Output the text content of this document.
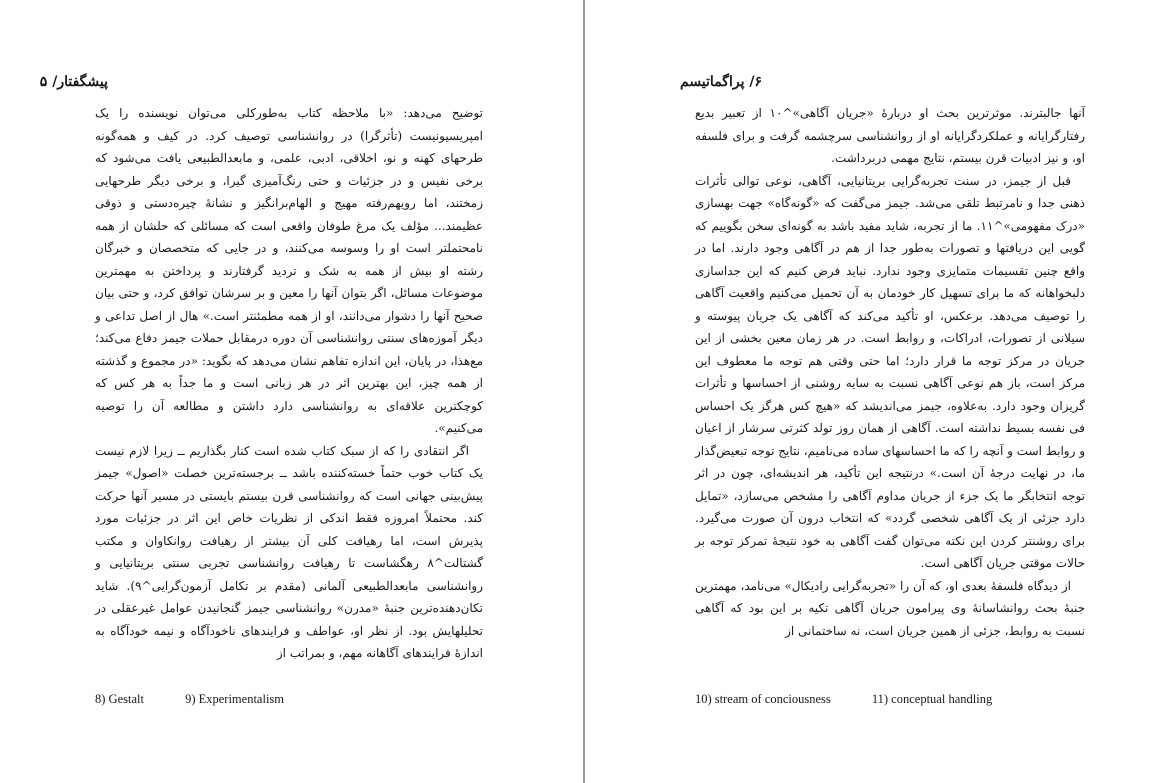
پیشگفتار/ ۵

توضیح می‌دهد: «با ملاحظه کتاب به‌طورکلی می‌توان نویسنده را یک امپریسیونیست (تأثرگرا) در روانشناسی توصیف کرد. در کیف و همه‌گونه طرحهای کهنه و نو، اخلاقی، ادبی، علمی، و مابعدالطبیعی یافت می‌شود که برخی نفیس و در جزئیات و حتی رنگ‌آمیزی گیرا، و برخی دیگر طرحهایی زمختند، اما رویهم‌رفته مهیج و الهام‌برانگیز و نشانهٔ چیره‌دستی و ذوقی عظیمند... مؤلف یک مرغ طوفان واقعی است که مسائلی که حلشان از همه نامحتملتر است او را وسوسه می‌کنند، و در جایی که متخصصان و خبرگان رشته او بیش از همه به شک و تردید گرفتارند و پرداختن به مهمترین موضوعات مسائل، اگر بتوان آنها را معین و بر سرشان توافق کرد، و حتی بیان صحیح آنها را دشوار می‌دانند، او از همه مطمئنتر است.» هال از اصل تداعی و دیگر آموزه‌های سنتی روانشناسی آن دوره درمقابل حملات جیمز دفاع می‌کند؛ مع‌هذا، در پایان، این اندازه تفاهم نشان می‌دهد که بگوید: «در مجموع و گذشته از همه چیز، این بهترین اثر در هر زبانی است و ما جداً به هر کس که کوچکترین علاقه‌ای به روانشناسی دارد داشتن و مطالعه آن را توصیه می‌کنیم».

اگر انتقادی را که از سبک کتاب شده است کنار بگذاریم ــ زیرا لازم نیست یک کتاب خوب حتماً خسته‌کننده باشد ــ برجسته‌ترین خصلت «اصول» جیمز پیش‌بینی جهانی است که روانشناسی قرن بیستم بایستی در مسیر آنها حرکت کند. محتملاً امروزه فقط اندکی از نظریات خاص این اثر در جزئیات مورد پذیرش است، اما رهیافت کلی آن بیشتر از رهیافت روانکاوان و مکتب گشتالت^۸ رهگشاست تا رهیافت روانشناسی تجربی سنتی بریتانیایی و روانشناسی مابعدالطبیعی آلمانی (مقدم بر تکامل آزمون‌گرایی^۹). شاید تکان‌دهنده‌ترین جنبهٔ «مدرن» روانشناسی جیمز گنجانیدن عوامل غیرعقلی در تحلیلهایش بود. از نظر او، عواطف و فرایندهای ناخودآگاه و نیمه خودآگاه به اندازهٔ فرایندهای آگاهانه مهم، و بمراتب از

8) Gestalt	9) Experimentalism
۶/ پراگماتیسم

آنها جالبترند. موثرترین بحث او دربارهٔ «جریان آگاهی»^۱۰ از تعبیر بدیع رفتارگرایانه و عملکردگرایانه او از روانشناسی سرچشمه گرفت و برای فلسفه او، و نیز ادبیات قرن بیستم، نتایج مهمی دربرداشت.

قبل از جیمز، در سنت تجربه‌گرایی بریتانیایی، آگاهی، نوعی توالی تأثرات ذهنی جدا و نامرتبط تلقی می‌شد. جیمز می‌گفت که «گونه‌گاه» جهت بهسازی «درک مفهومی»^۱۱. ما از تجربه، شاید مفید باشد به گونه‌ای سخن بگوییم که گویی این دریافتها و تصورات به‌طور جدا از هم در آگاهی وجود دارند. اما در واقع چنین تقسیمات متمایزی وجود ندارد. نباید فرض کنیم که این جداسازی دلبخواهانه که ما برای تسهیل کار خودمان به آن تحمیل می‌کنیم واقعیت آگاهی را توصیف می‌دهد. برعکس، او تأکید می‌کند که آگاهی یک جریان پیوسته و سیلانی از تصورات، ادراکات، و روابط است. در هر زمان معین بخشی از این جریان در مرکز توجه ما قرار دارد؛ اما حتی وقتی هم توجه ما معطوف این مرکز است، باز هم نوعی آگاهی نسبت به سایه روشنی از احساسها و تأثرات گریزان وجود دارد. به‌علاوه، جیمز می‌اندیشد که «هیچ کس هرگز یک احساس فی نفسه بسیط نداشته است. آگاهی از همان روز تولد کثرتی سرشار از اعیان و روابط است و آنچه را که ما احساسهای ساده می‌نامیم، نتایج توجه تبعیض‌گذار ما، در نهایت درجهٔ آن است.» درنتیجه این تأکید، هر اندیشه‌ای، چون در اثر توجه انتخابگر ما یک جزء از جریان مداوم آگاهی را مشخص می‌سازد، «تمایل دارد جزئی از یک آگاهی شخصی گردد» که انتخاب درون آن صورت می‌گیرد. برای روشنتر کردن این نکته می‌توان گفت آگاهی به خود نتیجهٔ تمرکز توجه بر حالات موقتی جریان آگاهی است.

از دیدگاه فلسفهٔ بعدی او، که آن را «تجربه‌گرایی رادیکال» می‌نامد، مهمترین جنبهٔ بحث روانشاسانهٔ وی پیرامون جریان آگاهی تکیه بر این بود که آگاهی نسبت به روابط، جزئی از همین جریان است، نه ساختمانی از

10) stream of conciousness	11) conceptual handling
